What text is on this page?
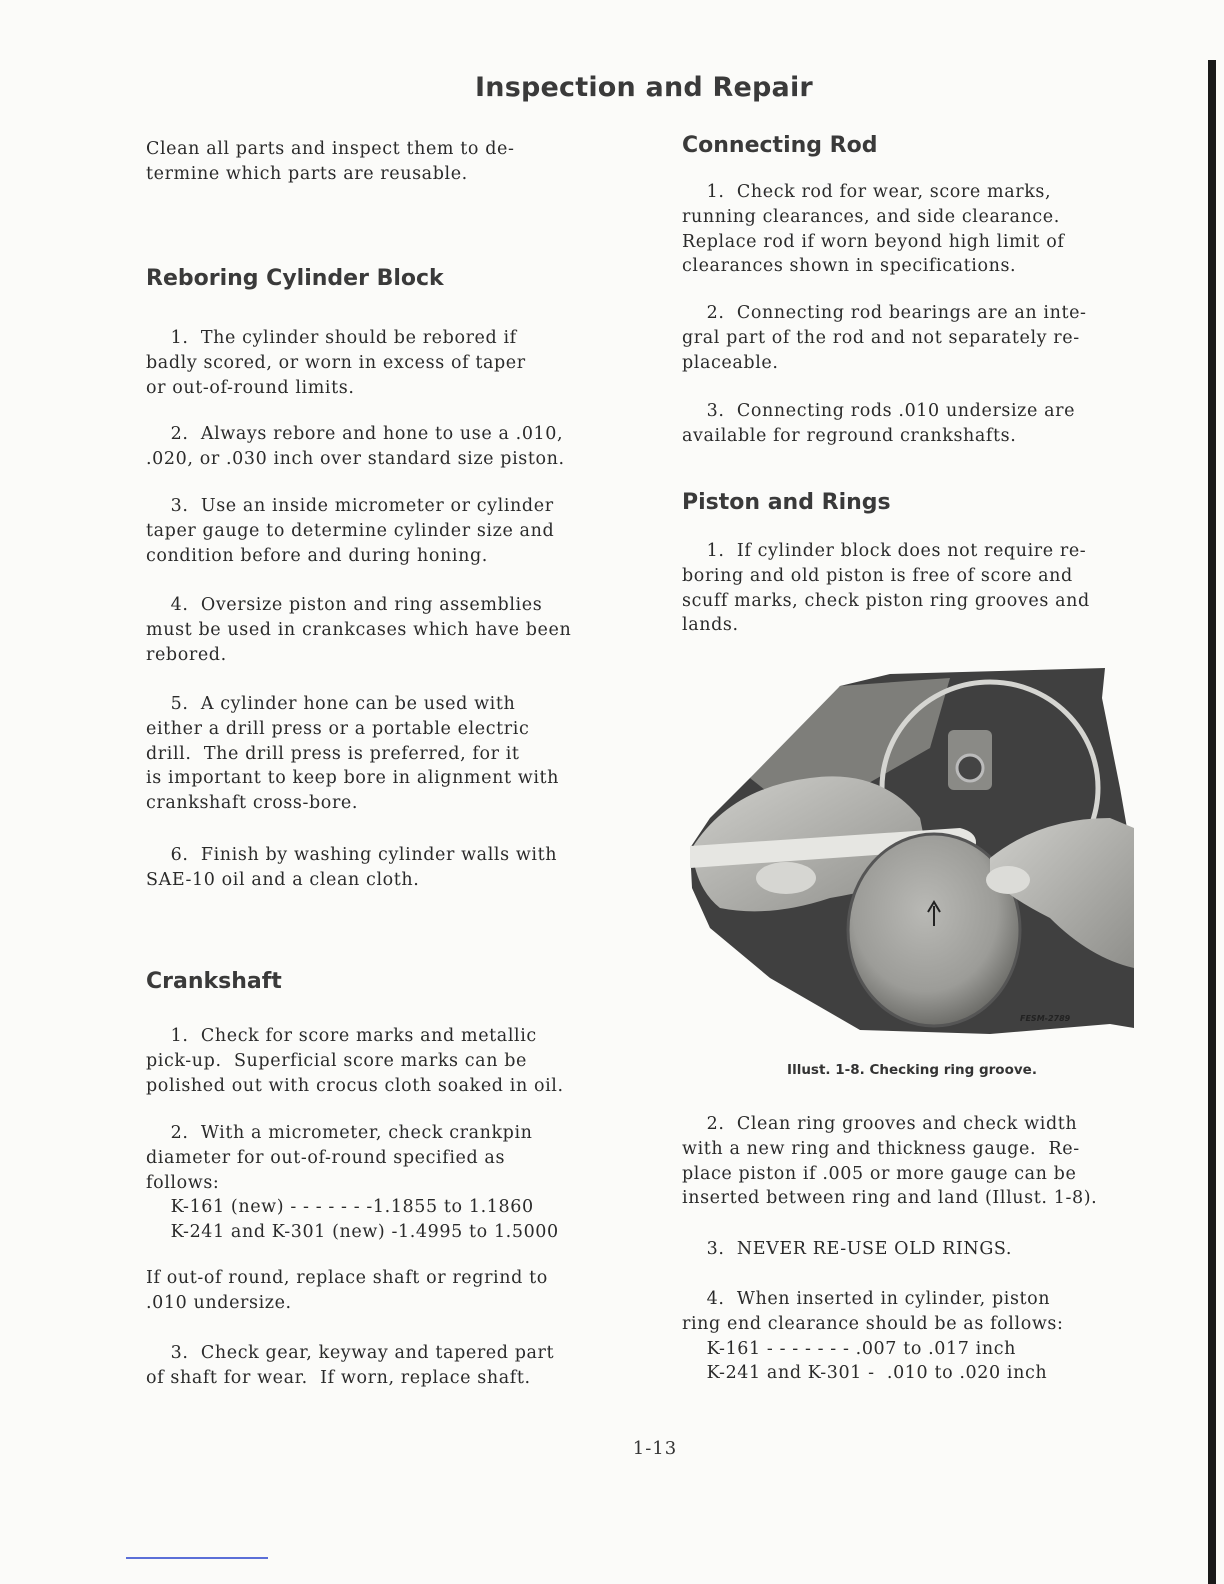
Inspection and Repair
Clean all parts and inspect them to de-
termine which parts are reusable.
Reboring Cylinder Block
1.  The cylinder should be rebored if
badly scored, or worn in excess of taper
or out-of-round limits.
2.  Always rebore and hone to use a .010,
.020, or .030 inch over standard size piston.
3.  Use an inside micrometer or cylinder
taper gauge to determine cylinder size and
condition before and during honing.
4.  Oversize piston and ring assemblies
must be used in crankcases which have been
rebored.
5.  A cylinder hone can be used with
either a drill press or a portable electric
drill.  The drill press is preferred, for it
is important to keep bore in alignment with
crankshaft cross-bore.
6.  Finish by washing cylinder walls with
SAE-10 oil and a clean cloth.
Crankshaft
1.  Check for score marks and metallic
pick-up.  Superficial score marks can be
polished out with crocus cloth soaked in oil.
2.  With a micrometer, check crankpin
diameter for out-of-round specified as
follows:
K-161 (new) - - - - - - -1.1855 to 1.1860
K-241 and K-301 (new) -1.4995 to 1.5000
If out-of round, replace shaft or regrind to
.010 undersize.
3.  Check gear, keyway and tapered part
of shaft for wear.  If worn, replace shaft.
Connecting Rod
1.  Check rod for wear, score marks,
running clearances, and side clearance.
Replace rod if worn beyond high limit of
clearances shown in specifications.
2.  Connecting rod bearings are an inte-
gral part of the rod and not separately re-
placeable.
3.  Connecting rods .010 undersize are
available for reground crankshafts.
Piston and Rings
1.  If cylinder block does not require re-
boring and old piston is free of score and
scuff marks, check piston ring grooves and
lands.
2.  Clean ring grooves and check width
with a new ring and thickness gauge.  Re-
place piston if .005 or more gauge can be
inserted between ring and land (Illust. 1-8).
3.  NEVER RE-USE OLD RINGS.
4.  When inserted in cylinder, piston
ring end clearance should be as follows:
K-161 - - - - - - - .007 to .017 inch
K-241 and K-301 -  .010 to .020 inch
FESM-2789
Illust. 1-8. Checking ring groove.
1-13
